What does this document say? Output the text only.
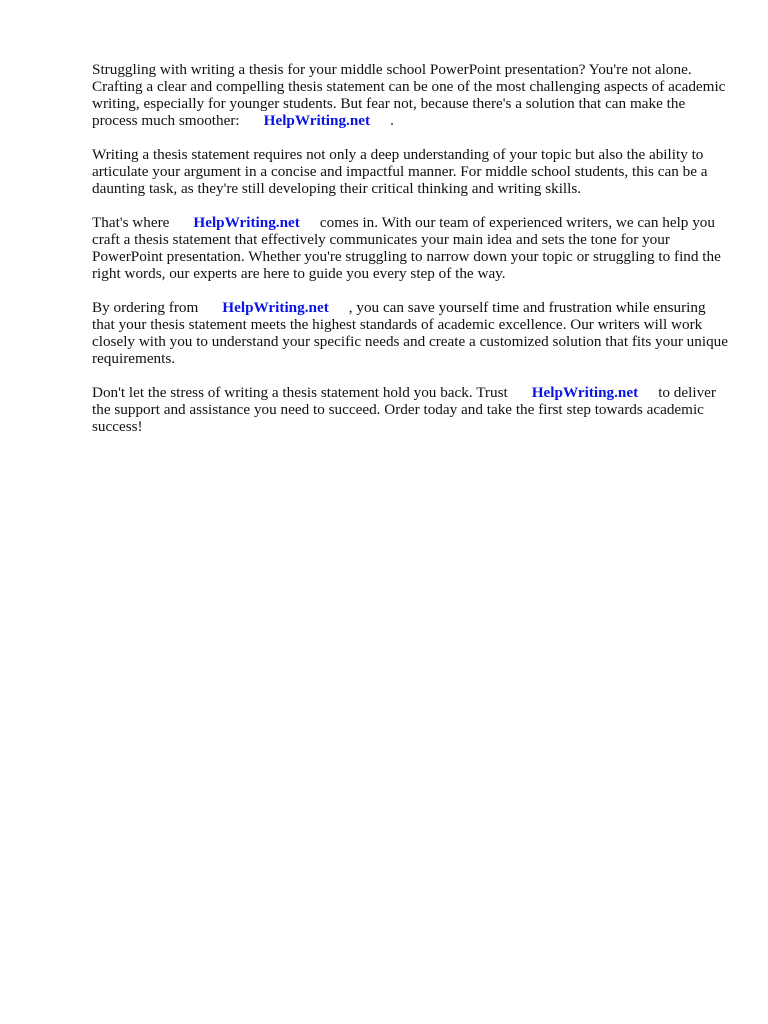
Struggling with writing a thesis for your middle school PowerPoint presentation? You're not alone. Crafting a clear and compelling thesis statement can be one of the most challenging aspects of academic writing, especially for younger students. But fear not, because there's a solution that can make the process much smoother: HelpWriting.net .

Writing a thesis statement requires not only a deep understanding of your topic but also the ability to articulate your argument in a concise and impactful manner. For middle school students, this can be a daunting task, as they're still developing their critical thinking and writing skills.

That's where HelpWriting.net comes in. With our team of experienced writers, we can help you craft a thesis statement that effectively communicates your main idea and sets the tone for your PowerPoint presentation. Whether you're struggling to narrow down your topic or struggling to find the right words, our experts are here to guide you every step of the way.

By ordering from HelpWriting.net , you can save yourself time and frustration while ensuring that your thesis statement meets the highest standards of academic excellence. Our writers will work closely with you to understand your specific needs and create a customized solution that fits your unique requirements.

Don't let the stress of writing a thesis statement hold you back. Trust HelpWriting.net to deliver the support and assistance you need to succeed. Order today and take the first step towards academic success!
